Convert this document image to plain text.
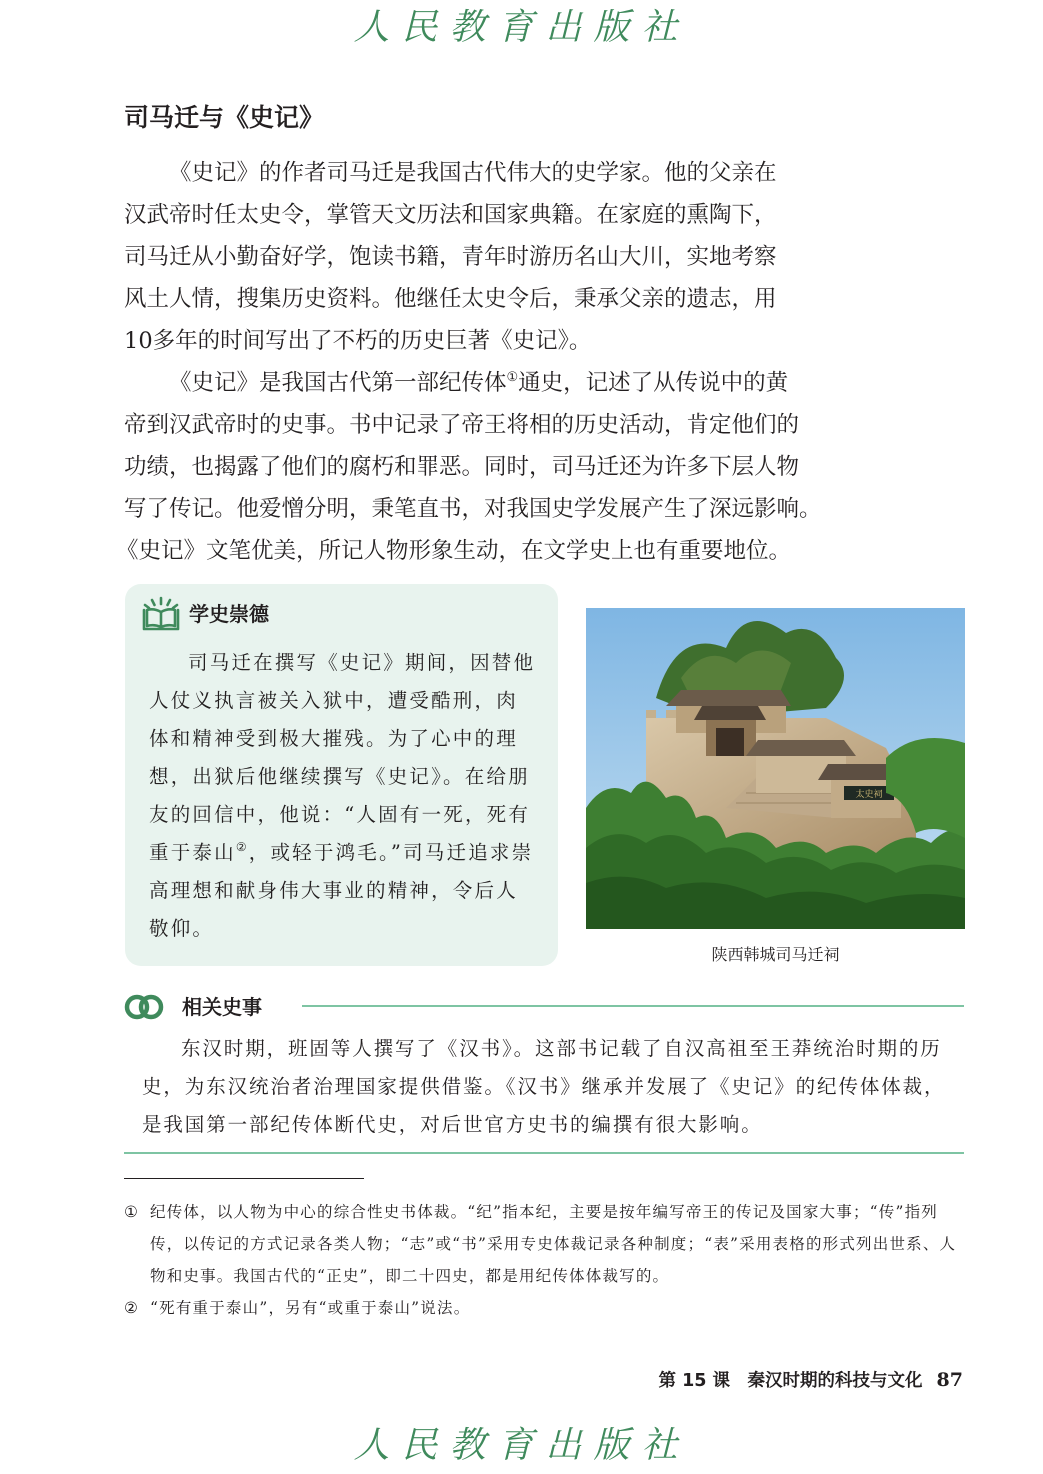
人民教育出版社
司马迁与《史记》

《史记》的作者司马迁是我国古代伟大的史学家。他的父亲在
汉武帝时任太史令，掌管天文历法和国家典籍。在家庭的熏陶下，
司马迁从小勤奋好学，饱读书籍，青年时游历名山大川，实地考察
风土人情，搜集历史资料。他继任太史令后，秉承父亲的遗志，用
10多年的时间写出了不朽的历史巨著《史记》。

《史记》是我国古代第一部纪传体①通史，记述了从传说中的黄
帝到汉武帝时的史事。书中记录了帝王将相的历史活动，肯定他们的
功绩，也揭露了他们的腐朽和罪恶。同时，司马迁还为许多下层人物
写了传记。他爱憎分明，秉笔直书，对我国史学发展产生了深远影响。
《史记》文笔优美，所记人物形象生动，在文学史上也有重要地位。

学史崇德

司马迁在撰写《史记》期间，因替他人仗义执言被关入狱中，遭受酷刑，肉体和精神受到极大摧残。为了心中的理想，出狱后他继续撰写《史记》。在给朋友的回信中，他说：“人固有一死，死有重于泰山②，或轻于鸿毛。”司马迁追求崇高理想和献身伟大事业的精神，令后人敬仰。

太史祠
陕西韩城司马迁祠
相关史事

东汉时期，班固等人撰写了《汉书》。这部书记载了自汉高祖至王莽统治时期的历史，为东汉统治者治理国家提供借鉴。《汉书》继承并发展了《史记》的纪传体体裁，是我国第一部纪传体断代史，对后世官方史书的编撰有很大影响。

① 纪传体，以人物为中心的综合性史书体裁。“纪”指本纪，主要是按年编写帝王的传记及国家大事；“传”指列传，以传记的方式记录各类人物；“志”或“书”采用专史体裁记录各种制度；“表”采用表格的形式列出世系、人物和史事。我国古代的“正史”，即二十四史，都是用纪传体体裁写的。

② “死有重于泰山”，另有“或重于泰山”说法。

第 15 课　秦汉时期的科技与文化 87
人民教育出版社
